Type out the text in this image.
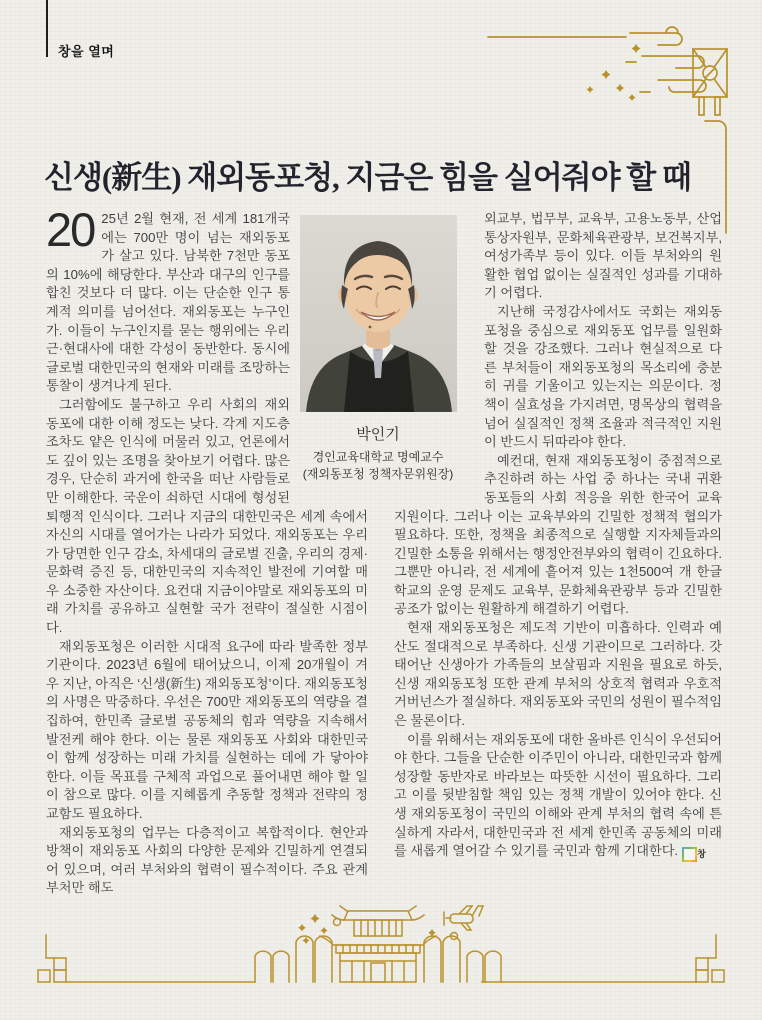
창을 열며
신생(新生) 재외동포청, 지금은 힘을 실어줘야 할 때

20 25년 2월 현재, 전 세계 181개국에는 700만 명이 넘는 재외동포가 살고 있다. 남북한 7천만 동포의 10%에 해당한다. 부산과 대구의 인구를 합친 것보다 더 많다. 이는 단순한 인구 통계적 의미를 넘어선다. 재외동포는 누구인가. 이들이 누구인지를 묻는 행위에는 우리 근·현대사에 대한 각성이 동반한다. 동시에 글로벌 대한민국의 현재와 미래를 조망하는 통찰이 생겨나게 된다.

그러함에도 불구하고 우리 사회의 재외동포에 대한 이해 정도는 낮다. 각계 지도층조차도 얕은 인식에 머물러 있고, 언론에서도 깊이 있는 조명을 찾아보기 어렵다. 많은 경우, 단순히 과거에 한국을 떠난 사람들로만 이해한다. 국운이 쇠하던 시대에 형성된 퇴행적 인식이다. 그러나 지금의 대한민국은 세계 속에서 자신의 시대를 열어가는 나라가 되었다. 재외동포는 우리가 당면한 인구 감소, 차세대의 글로벌 진출, 우리의 경제·문화력 증진 등, 대한민국의 지속적인 발전에 기여할 매우 소중한 자산이다. 요컨대 지금이야말로 재외동포의 미래 가치를 공유하고 실현할 국가 전략이 절실한 시점이다.

재외동포청은 이러한 시대적 요구에 따라 발족한 정부 기관이다. 2023년 6월에 태어났으니, 이제 20개월이 겨우 지난, 아직은 ‘신생(新生) 재외동포청’이다. 재외동포청의 사명은 막중하다. 우선은 700만 재외동포의 역량을 결집하여, 한민족 글로벌 공동체의 힘과 역량을 지속해서 발전케 해야 한다. 이는 물론 재외동포 사회와 대한민국이 함께 성장하는 미래 가치를 실현하는 데에 가 닿아야 한다. 이들 목표를 구체적 과업으로 풀어내면 해야 할 일이 참으로 많다. 이를 지혜롭게 추동할 정책과 전략의 정교함도 필요하다.

재외동포청의 업무는 다층적이고 복합적이다. 현안과 방책이 재외동포 사회의 다양한 문제와 긴밀하게 연결되어 있으며, 여러 부처와의 협력이 필수적이다. 주요 관계 부처만 해도

외교부, 법무부, 교육부, 고용노동부, 산업통상자원부, 문화체육관광부, 보건복지부, 여성가족부 등이 있다. 이들 부처와의 원활한 협업 없이는 실질적인 성과를 기대하기 어렵다.

지난해 국정감사에서도 국회는 재외동포청을 중심으로 재외동포 업무를 일원화할 것을 강조했다. 그러나 현실적으로 다른 부처들이 재외동포청의 목소리에 충분히 귀를 기울이고 있는지는 의문이다. 정책이 실효성을 가지려면, 명목상의 협력을 넘어 실질적인 정책 조율과 적극적인 지원이 반드시 뒤따라야 한다.

예컨대, 현재 재외동포청이 중점적으로 추진하려 하는 사업 중 하나는 국내 귀환 동포들의 사회 적응을 위한 한국어 교육 지원이다. 그러나 이는 교육부와의 긴밀한 정책적 협의가 필요하다. 또한, 정책을 최종적으로 실행할 지자체들과의 긴밀한 소통을 위해서는 행정안전부와의 협력이 긴요하다. 그뿐만 아니라, 전 세계에 흩어져 있는 1천500여 개 한글학교의 운영 문제도 교육부, 문화체육관광부 등과 긴밀한 공조가 없이는 원활하게 해결하기 어렵다.

현재 재외동포청은 제도적 기반이 미흡하다. 인력과 예산도 절대적으로 부족하다. 신생 기관이므로 그러하다. 갓 태어난 신생아가 가족들의 보살핌과 지원을 필요로 하듯, 신생 재외동포청 또한 관계 부처의 상호적 협력과 우호적 거버넌스가 절실하다. 재외동포와 국민의 성원이 필수적임은 물론이다.

이를 위해서는 재외동포에 대한 올바른 인식이 우선되어야 한다. 그들을 단순한 이주민이 아니라, 대한민국과 함께 성장할 동반자로 바라보는 따뜻한 시선이 필요하다. 그리고 이를 뒷받침할 책임 있는 정책 개발이 있어야 한다. 신생 재외동포청이 국민의 이해와 관계 부처의 협력 속에 튼실하게 자라서, 대한민국과 전 세계 한민족 공동체의 미래를 새롭게 열어갈 수 있기를 국민과 함께 기대한다.	창

박인기
경인교육대학교 명예교수
(재외동포청 정책자문위원장)
